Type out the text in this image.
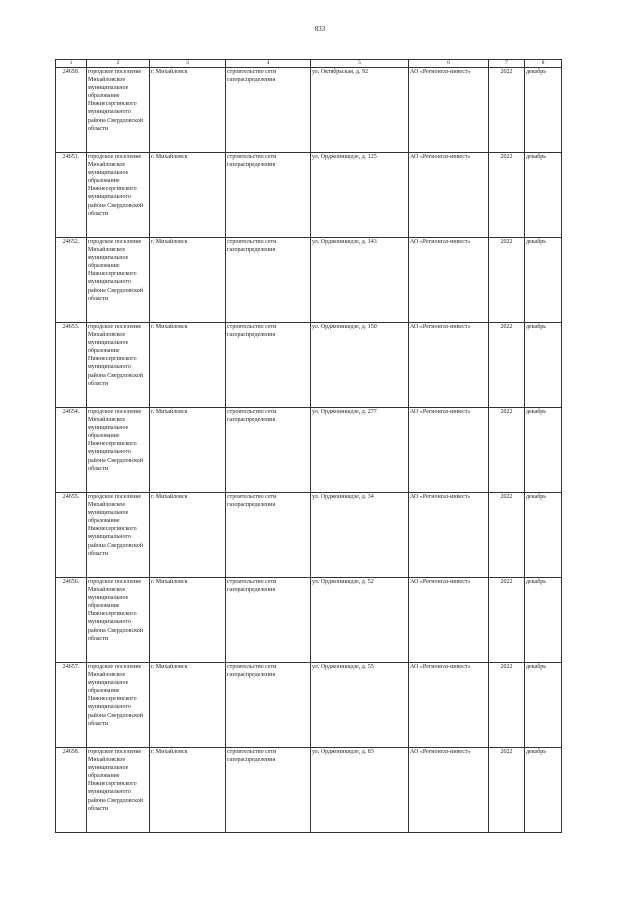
833
1	2	3	4	5	6	7	8
24650.	городское поселение Михайловское муниципальное образование Нижнесергинского муниципального района Свердловской области	г. Михайловск	строительство сети газораспределения	ул. Октябрьская, д. 92	АО «Регионгаз-инвест»	2022	декабрь
24651.	городское поселение Михайловское муниципальное образование Нижнесергинского муниципального района Свердловской области	г. Михайловск	строительство сети газораспределения	ул. Орджоникидзе, д. 125	АО «Регионгаз-инвест»	2022	декабрь
24652.	городское поселение Михайловское муниципальное образование Нижнесергинского муниципального района Свердловской области	г. Михайловск	строительство сети газораспределения	ул. Орджоникидзе, д. 143	АО «Регионгаз-инвест»	2022	декабрь
24653.	городское поселение Михайловское муниципальное образование Нижнесергинского муниципального района Свердловской области	г. Михайловск	строительство сети газораспределения	ул. Орджоникидзе, д. 150	АО «Регионгаз-инвест»	2022	декабрь
24654.	городское поселение Михайловское муниципальное образование Нижнесергинского муниципального района Свердловской области	г. Михайловск	строительство сети газораспределения	ул. Орджоникидзе, д. 277	АО «Регионгаз-инвест»	2022	декабрь
24655.	городское поселение Михайловское муниципальное образование Нижнесергинского муниципального района Свердловской области	г. Михайловск	строительство сети газораспределения	ул. Орджоникидзе, д. 34	АО «Регионгаз-инвест»	2022	декабрь
24656.	городское поселение Михайловское муниципальное образование Нижнесергинского муниципального района Свердловской области	г. Михайловск	строительство сети газораспределения	ул. Орджоникидзе, д. 52	АО «Регионгаз-инвест»	2022	декабрь
24657.	городское поселение Михайловское муниципальное образование Нижнесергинского муниципального района Свердловской области	г. Михайловск	строительство сети газораспределения	ул. Орджоникидзе, д. 55	АО «Регионгаз-инвест»	2022	декабрь
24658.	городское поселение Михайловское муниципальное образование Нижнесергинского муниципального района Свердловской области	г. Михайловск	строительство сети газораспределения	ул. Орджоникидзе, д. 83	АО «Регионгаз-инвест»	2022	декабрь
